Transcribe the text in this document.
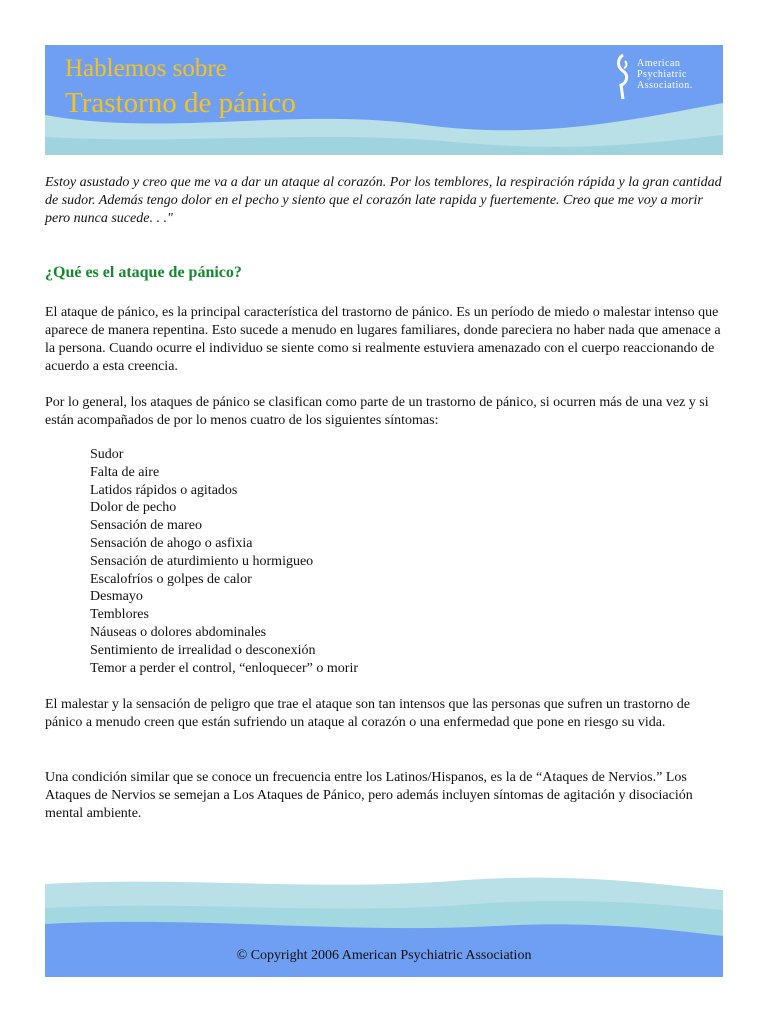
Hablemos sobre
Trastorno de pánico
American
Psychiatric
Association.
Estoy asustado y creo que me va a dar un ataque al corazón. Por los temblores, la respiración rápida y la gran cantidad de sudor. Además tengo dolor en el pecho y siento que el corazón late rapida y fuertemente. Creo que me voy a morir pero nunca sucede. . ."
¿Qué es el ataque de pánico?
El ataque de pánico, es la principal característica del trastorno de pánico. Es un período de miedo o malestar intenso que aparece de manera repentina. Esto sucede a menudo en lugares familiares, donde pareciera no haber nada que amenace a la persona. Cuando ocurre el individuo se siente como si realmente estuviera amenazado con el cuerpo reaccionando de acuerdo a esta creencia.
Por lo general, los ataques de pánico se clasifican como parte de un trastorno de pánico, si ocurren más de una vez y si están acompañados de por lo menos cuatro de los siguientes síntomas:
Sudor
Falta de aire
Latidos rápidos o agitados
Dolor de pecho
Sensación de mareo
Sensación de ahogo o asfixia
Sensación de aturdimiento u hormigueo
Escalofríos o golpes de calor
Desmayo
Temblores
Náuseas o dolores abdominales
Sentimiento de irrealidad o desconexión
Temor a perder el control, “enloquecer” o morir
El malestar y la sensación de peligro que trae el ataque son tan intensos que las personas que sufren un trastorno de pánico a menudo creen que están sufriendo un ataque al corazón o una enfermedad que pone en riesgo su vida.
Una condición similar que se conoce un frecuencia entre los Latinos/Hispanos, es la de “Ataques de Nervios.” Los Ataques de Nervios se semejan a Los Ataques de Pánico, pero además incluyen síntomas de agitación y disociación mental ambiente.
© Copyright 2006 American Psychiatric Association
